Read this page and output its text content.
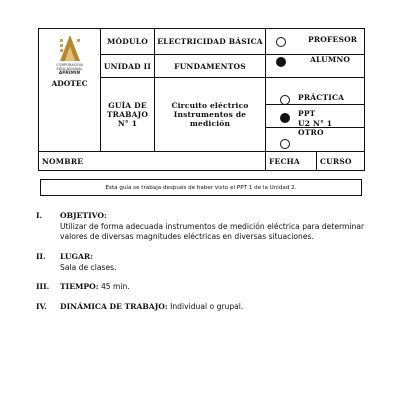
CORPORACIÓN
EDUCACIONAL
APRIMIN
ADOTEC
MÓDULO	ELECTRICIDAD BÁSICA
UNIDAD II	FUNDAMENTOS
GUÍA DE TRABAJO N° 1
Circuito eléctrico Instrumentos de medición
PROFESOR
ALUMNO
PRÁCTICA
PPT
U2 N° 1
OTRO
NOMBRE	FECHA	CURSO
Esta guía se trabaja después de haber visto el PPT 1 de la Unidad 2.
I.	OBJETIVO:
Utilizar de forma adecuada instrumentos de medición eléctrica para determinar valores de diversas magnitudes eléctricas en diversas situaciones.
II.	LUGAR:
Sala de clases.
III.	TIEMPO: 45 min.
IV.	DINÁMICA DE TRABAJO: Individual o grupal.
